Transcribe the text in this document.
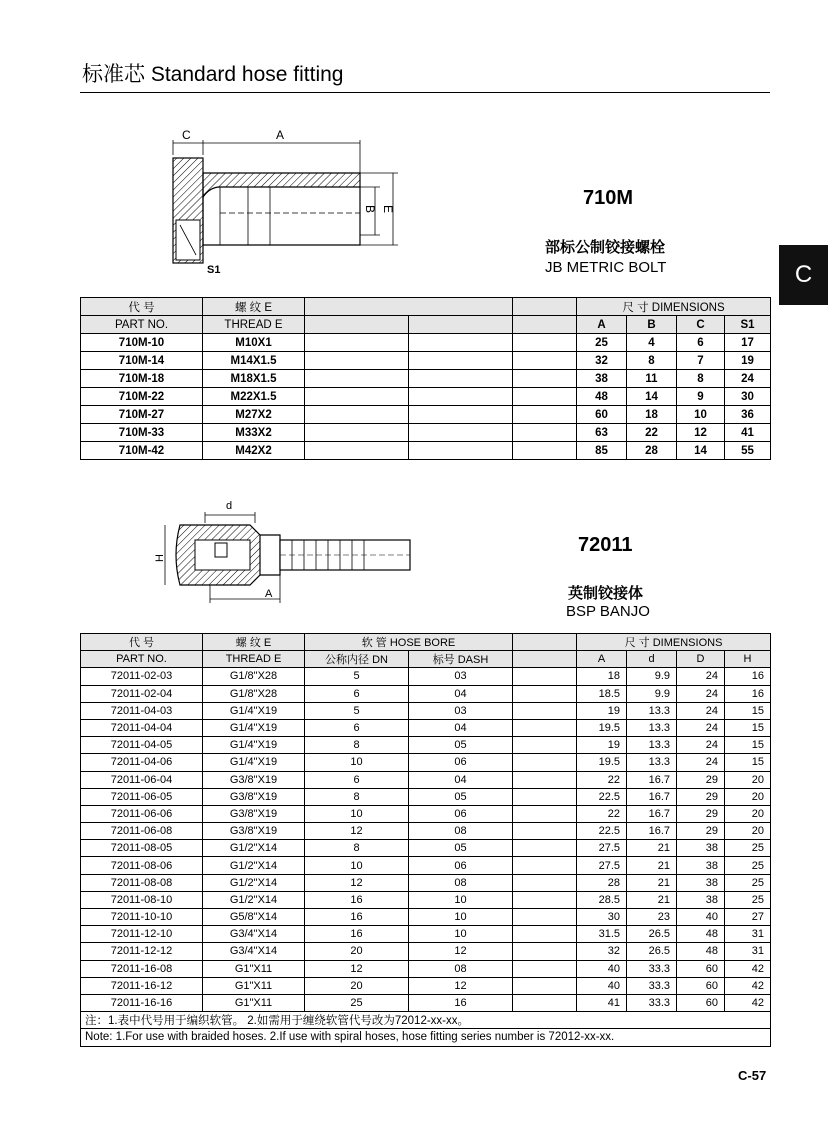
标准芯 Standard hose fitting
C
C	A
B E
S1
710M
部标公制铰接螺栓
JB METRIC BOLT
代 号	螺 纹 E				尺 寸 DIMENSIONS			
PART NO.	THREAD E				A	B	C	S1
710M-10	M10X1				25	4	6	17
710M-14	M14X1.5				32	8	7	19
710M-18	M18X1.5				38	11	8	24
710M-22	M22X1.5				48	14	9	30
710M-27	M27X2				60	18	10	36
710M-33	M33X2				63	22	12	41
710M-42	M42X2				85	28	14	55
d
H
A
72011
英制铰接体
BSP BANJO
代 号	螺 纹 E	软 管 HOSE BORE			尺 寸 DIMENSIONS			
PART NO.	THREAD E	公称内径 DN	标号 DASH		A	d	D	H
72011-02-03	G1/8"X28	5	03		18	9.9	24	16
72011-02-04	G1/8"X28	6	04		18.5	9.9	24	16
72011-04-03	G1/4"X19	5	03		19	13.3	24	15
72011-04-04	G1/4"X19	6	04		19.5	13.3	24	15
72011-04-05	G1/4"X19	8	05		19	13.3	24	15
72011-04-06	G1/4"X19	10	06		19.5	13.3	24	15
72011-06-04	G3/8"X19	6	04		22	16.7	29	20
72011-06-05	G3/8"X19	8	05		22.5	16.7	29	20
72011-06-06	G3/8"X19	10	06		22	16.7	29	20
72011-06-08	G3/8"X19	12	08		22.5	16.7	29	20
72011-08-05	G1/2"X14	8	05		27.5	21	38	25
72011-08-06	G1/2"X14	10	06		27.5	21	38	25
72011-08-08	G1/2"X14	12	08		28	21	38	25
72011-08-10	G1/2"X14	16	10		28.5	21	38	25
72011-10-10	G5/8"X14	16	10		30	23	40	27
72011-12-10	G3/4"X14	16	10		31.5	26.5	48	31
72011-12-12	G3/4"X14	20	12		32	26.5	48	31
72011-16-08	G1"X11	12	08		40	33.3	60	42
72011-16-12	G1"X11	20	12		40	33.3	60	42
72011-16-16	G1"X11	25	16		41	33.3	60	42
注：1.表中代号用于编织软管。 2.如需用于缠绕软管代号改为72012-xx-xx。								
Note: 1.For use with braided hoses. 2.If use with spiral hoses, hose fitting series number is 72012-xx-xx.								
C-57
